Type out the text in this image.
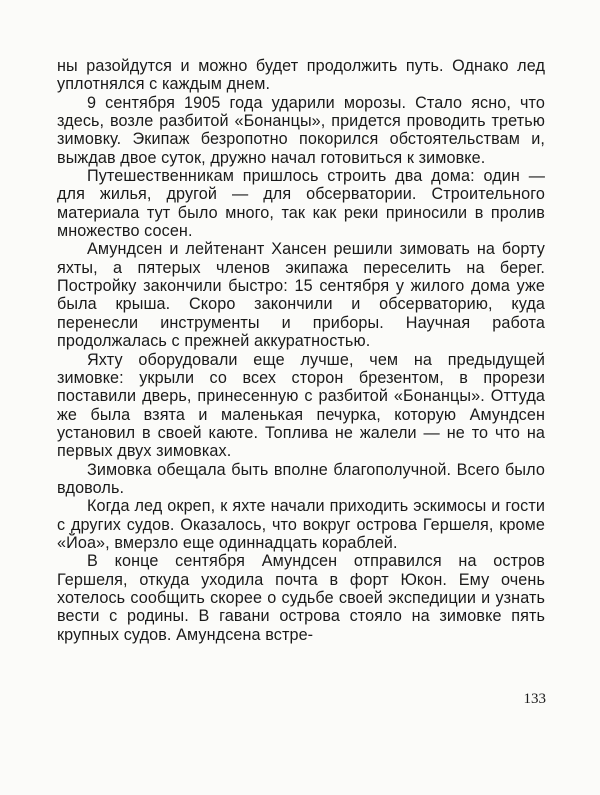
ны разойдутся и можно будет продолжить путь. Однако лед уплотнялся с каждым днем.

9 сентября 1905 года ударили морозы. Стало ясно, что здесь, возле разбитой «Бонанцы», придется проводить третью зимовку. Экипаж безропотно покорился обстоятельствам и, выждав двое суток, дружно начал готовиться к зимовке.

Путешественникам пришлось строить два дома: один — для жилья, другой — для обсерватории. Строительного материала тут было много, так как реки приносили в пролив множество сосен.

Амундсен и лейтенант Хансен решили зимовать на борту яхты, а пятерых членов экипажа переселить на берег. Постройку закончили быстро: 15 сентября у жилого дома уже была крыша. Скоро закончили и обсерваторию, куда перенесли инструменты и приборы. Научная работа продолжалась с прежней аккуратностью.

Яхту оборудовали еще лучше, чем на предыдущей зимовке: укрыли со всех сторон брезентом, в прорези поставили дверь, принесенную с разбитой «Бонанцы». Оттуда же была взята и маленькая печурка, которую Амундсен установил в своей каюте. Топлива не жалели — не то что на первых двух зимовках.

Зимовка обещала быть вполне благополучной. Всего было вдоволь.

Когда лед окреп, к яхте начали приходить эскимосы и гости с других судов. Оказалось, что вокруг острова Гершеля, кроме «Йоа», вмерзло еще одиннадцать кораблей.

В конце сентября Амундсен отправился на остров Гершеля, откуда уходила почта в форт Юкон. Ему очень хотелось сообщить скорее о судьбе своей экспедиции и узнать вести с родины. В гавани острова стояло на зимовке пять крупных судов. Амундсена встре-

133
